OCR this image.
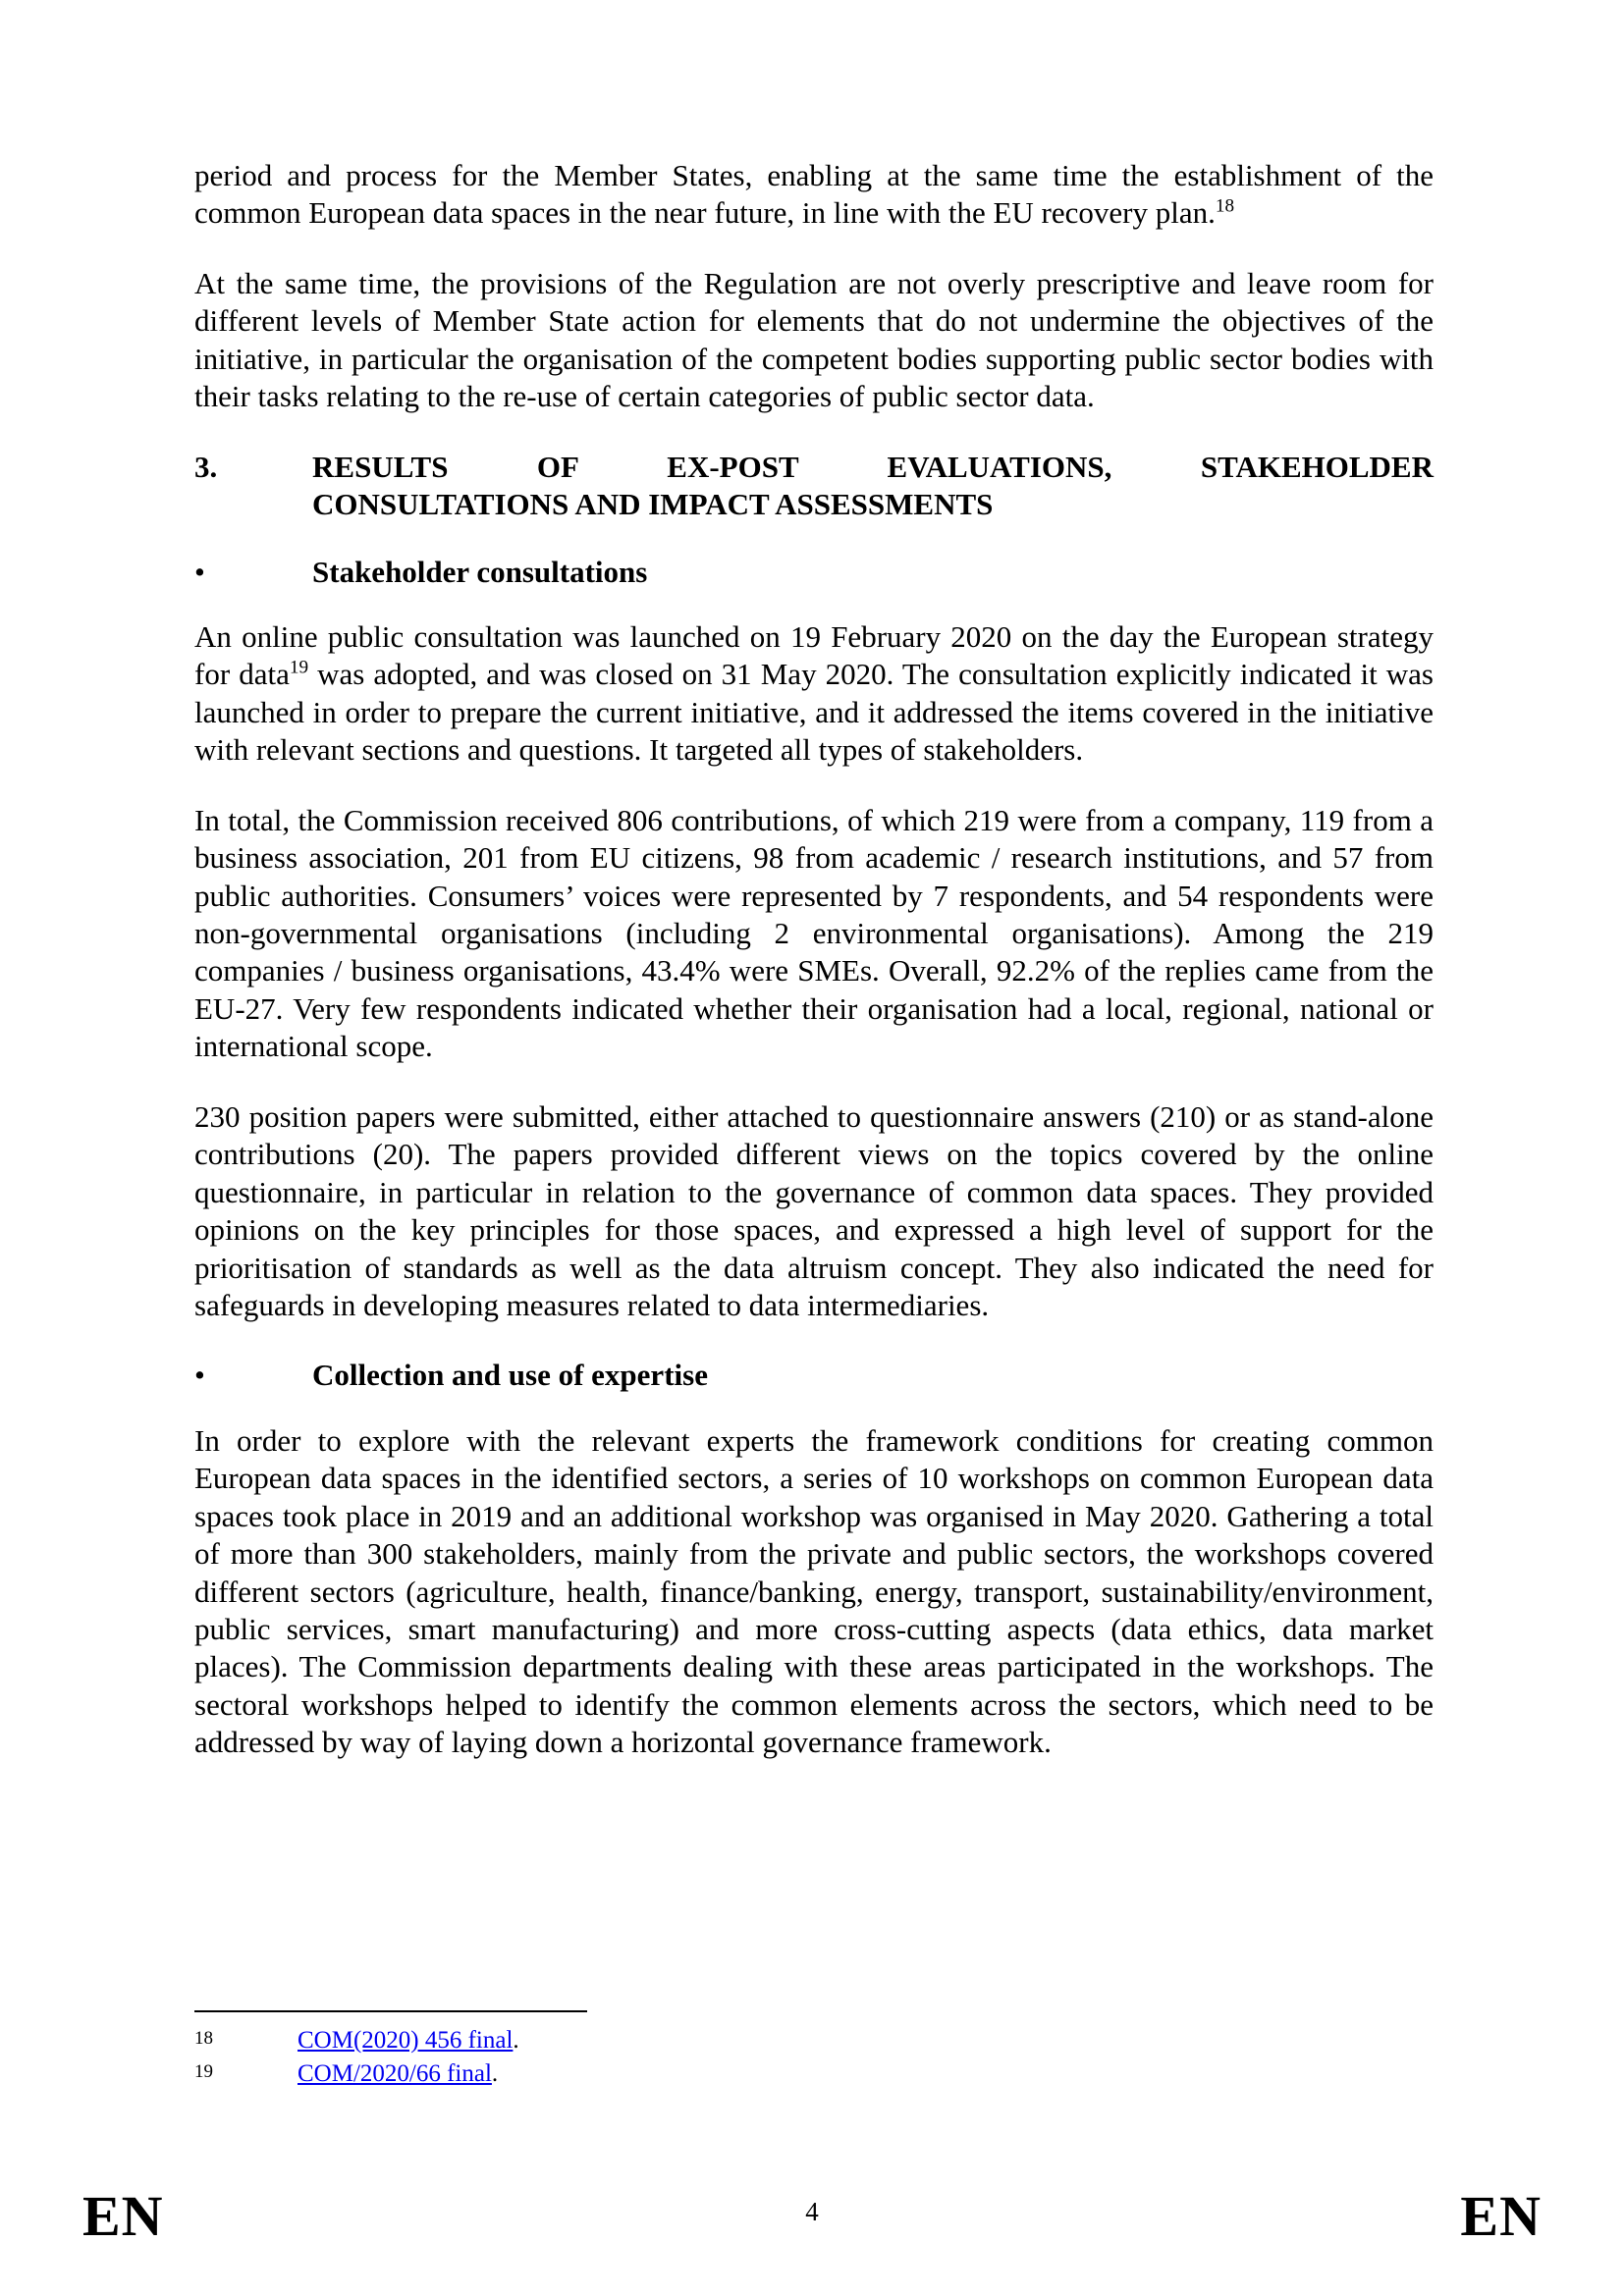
period and process for the Member States, enabling at the same time the establishment of the common European data spaces in the near future, in line with the EU recovery plan.$^{18}$

At the same time, the provisions of the Regulation are not overly prescriptive and leave room for different levels of Member State action for elements that do not undermine the objectives of the initiative, in particular the organisation of the competent bodies supporting public sector bodies with their tasks relating to the re-use of certain categories of public sector data.

3.	RESULTS OF EX-POST EVALUATIONS, STAKEHOLDER
CONSULTATIONS AND IMPACT ASSESSMENTS
•	Stakeholder consultations

An online public consultation was launched on 19 February 2020 on the day the European strategy for data$^{19}$ was adopted, and was closed on 31 May 2020. The consultation explicitly indicated it was launched in order to prepare the current initiative, and it addressed the items covered in the initiative with relevant sections and questions. It targeted all types of stakeholders.

In total, the Commission received 806 contributions, of which 219 were from a company, 119 from a business association, 201 from EU citizens, 98 from academic / research institutions, and 57 from public authorities. Consumers’ voices were represented by 7 respondents, and 54 respondents were non-governmental organisations (including 2 environmental organisations). Among the 219 companies / business organisations, 43.4% were SMEs. Overall, 92.2% of the replies came from the EU-27. Very few respondents indicated whether their organisation had a local, regional, national or international scope.

230 position papers were submitted, either attached to questionnaire answers (210) or as stand-alone contributions (20). The papers provided different views on the topics covered by the online questionnaire, in particular in relation to the governance of common data spaces. They provided opinions on the key principles for those spaces, and expressed a high level of support for the prioritisation of standards as well as the data altruism concept. They also indicated the need for safeguards in developing measures related to data intermediaries.

•	Collection and use of expertise

In order to explore with the relevant experts the framework conditions for creating common European data spaces in the identified sectors, a series of 10 workshops on common European data spaces took place in 2019 and an additional workshop was organised in May 2020. Gathering a total of more than 300 stakeholders, mainly from the private and public sectors, the workshops covered different sectors (agriculture, health, finance/banking, energy, transport, sustainability/environment, public services, smart manufacturing) and more cross-cutting aspects (data ethics, data market places). The Commission departments dealing with these areas participated in the workshops. The sectoral workshops helped to identify the common elements across the sectors, which need to be addressed by way of laying down a horizontal governance framework.

18	COM(2020) 456 final.
19	COM/2020/66 final.
EN	4	EN
